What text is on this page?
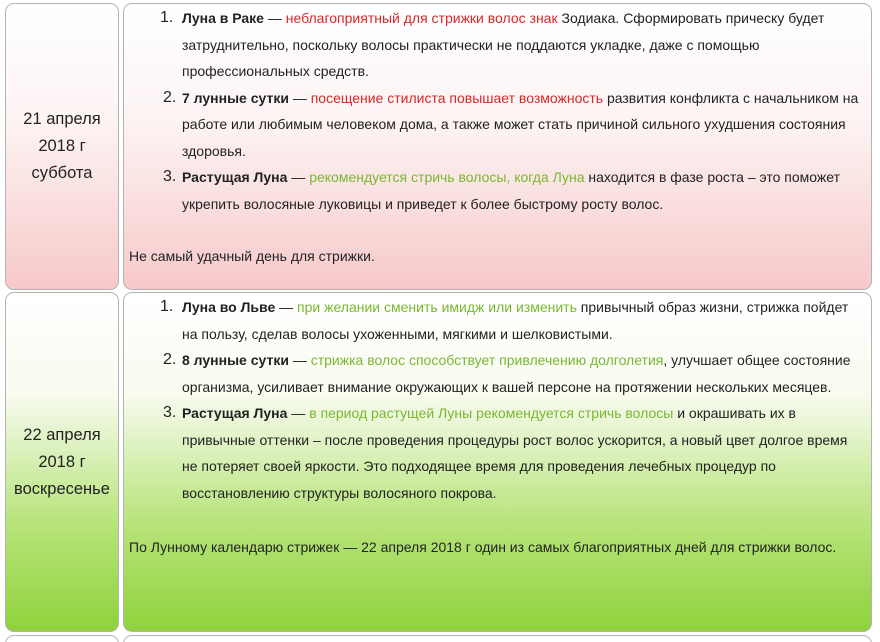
21 апреля
2018 г
суббота
1. Луна в Раке — неблагоприятный для стрижки волос знак Зодиака. Сформировать прическу будет затруднительно, поскольку волосы практически не поддаются укладке, даже с помощью профессиональных средств.
2. 7 лунные сутки — посещение стилиста повышает возможность развития конфликта с начальником на работе или любимым человеком дома, а также может стать причиной сильного ухудшения состояния здоровья.
3. Растущая Луна — рекомендуется стричь волосы, когда Луна находится в фазе роста – это поможет укрепить волосяные луковицы и приведет к более быстрому росту волос.
Не самый удачный день для стрижки.
22 апреля
2018 г
воскресенье
1. Луна во Льве — при желании сменить имидж или изменить привычный образ жизни, стрижка пойдет на пользу, сделав волосы ухоженными, мягкими и шелковистыми.
2. 8 лунные сутки — стрижка волос способствует привлечению долголетия, улучшает общее состояние организма, усиливает внимание окружающих к вашей персоне на протяжении нескольких месяцев.
3. Растущая Луна — в период растущей Луны рекомендуется стричь волосы и окрашивать их в привычные оттенки – после проведения процедуры рост волос ускорится, а новый цвет долгое время не потеряет своей яркости. Это подходящее время для проведения лечебных процедур по восстановлению структуры волосяного покрова.
По Лунному календарю стрижек — 22 апреля 2018 г один из самых благоприятных дней для стрижки волос.
